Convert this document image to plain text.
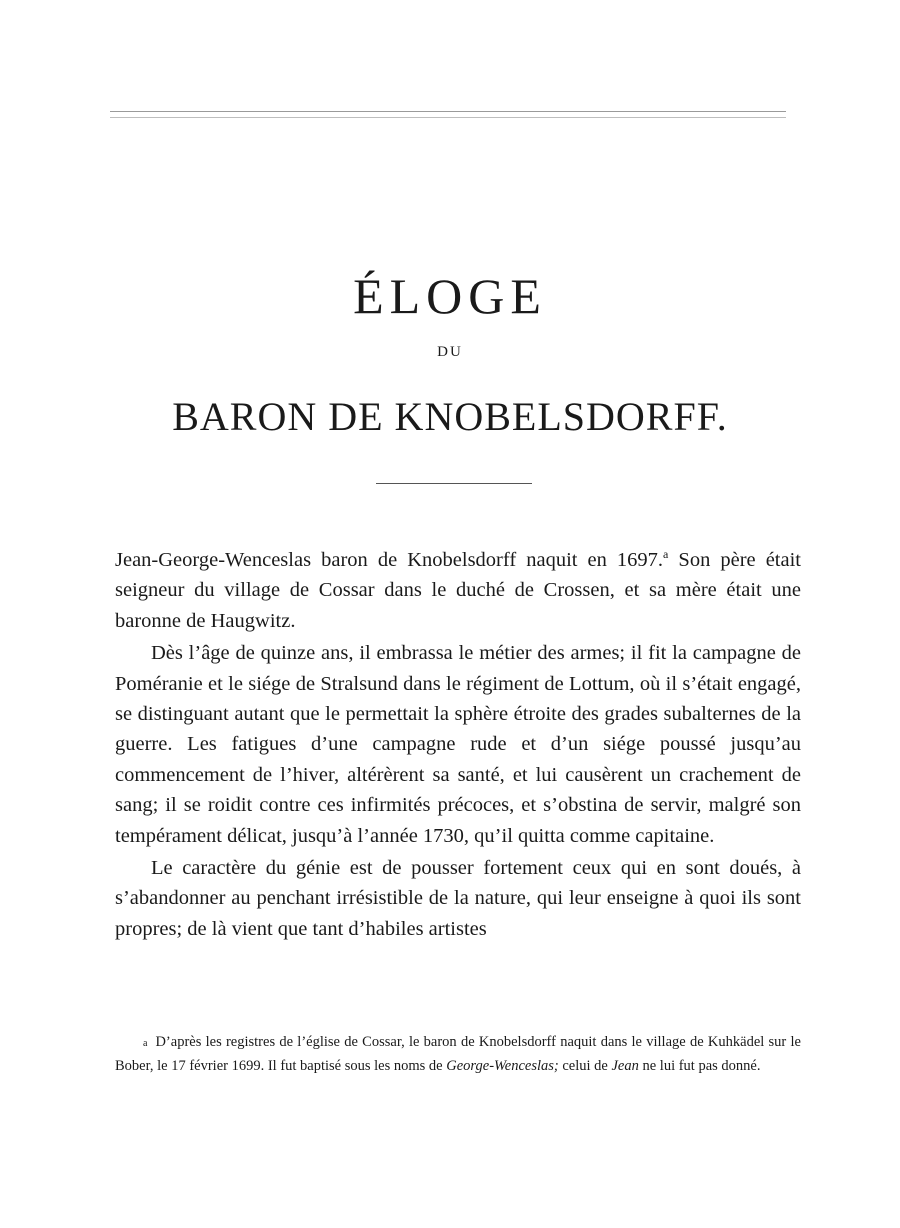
ÉLOGE
DU
BARON DE KNOBELSDORFF.

Jean-George-Wenceslas baron de Knobelsdorff naquit en 1697.$^a$ Son père était seigneur du village de Cossar dans le duché de Crossen, et sa mère était une baronne de Haugwitz.

Dès l’âge de quinze ans, il embrassa le métier des armes; il fit la campagne de Poméranie et le siége de Stralsund dans le régiment de Lottum, où il s’était engagé, se distinguant autant que le permettait la sphère étroite des grades subalternes de la guerre. Les fatigues d’une campagne rude et d’un siége poussé jusqu’au commencement de l’hiver, altérèrent sa santé, et lui causèrent un crachement de sang; il se roidit contre ces infirmités précoces, et s’obstina de servir, malgré son tempérament délicat, jusqu’à l’année 1730, qu’il quitta comme capitaine.

Le caractère du génie est de pousser fortement ceux qui en sont doués, à s’abandonner au penchant irrésistible de la nature, qui leur enseigne à quoi ils sont propres; de là vient que tant d’habiles artistes

a D’après les registres de l’église de Cossar, le baron de Knobelsdorff naquit dans le village de Kuhkädel sur le Bober, le 17 février 1699. Il fut baptisé sous les noms de George-Wenceslas; celui de Jean ne lui fut pas donné.
